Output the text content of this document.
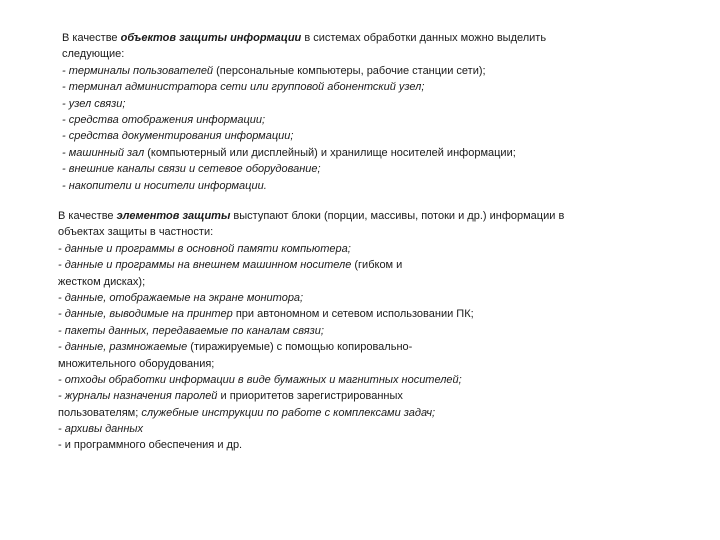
В качестве объектов защиты информации в системах обработки данных можно выделить
следующие:
- терминалы пользователей (персональные компьютеры, рабочие станции сети);
- терминал администратора сети или групповой абонентский узел;
- узел связи;
- средства отображения информации;
- средства документирования информации;
- машинный зал (компьютерный или дисплейный) и хранилище носителей информации;
- внешние каналы связи и сетевое оборудование;
- накопители и носители информации.
В качестве элементов защиты выступают блоки (порции, массивы, потоки и др.) информации в
объектах защиты в частности:
- данные и программы в основной памяти компьютера;
- данные и программы на внешнем машинном носителе (гибком и
жестком дисках);
- данные, отображаемые на экране монитора;
- данные, выводимые на принтер при автономном и сетевом использовании ПК;
- пакеты данных, передаваемые по каналам связи;
- данные, размножаемые (тиражируемые) с помощью копировально-
множительного оборудования;
- отходы обработки информации в виде бумажных и магнитных носителей;
- журналы назначения паролей и приоритетов зарегистрированных
пользователям; служебные инструкции по работе с комплексами задач;
- архивы данных
- и программного обеспечения и др.
